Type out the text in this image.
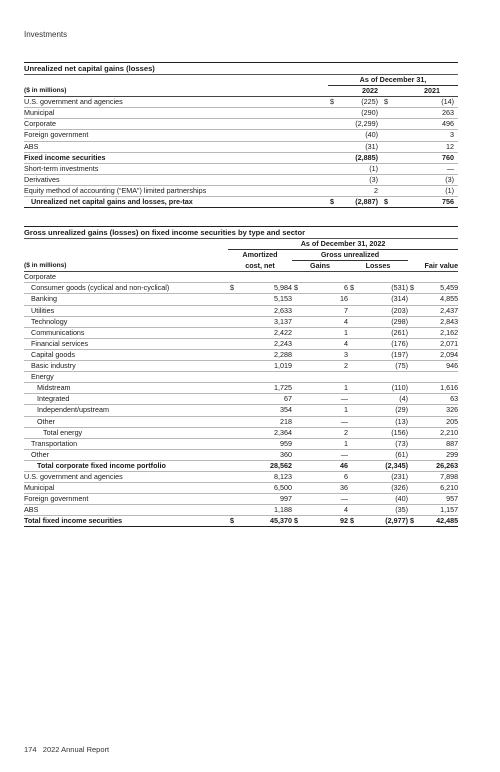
Investments
Unrealized net capital gains (losses)
	As of December 31,			
($ in millions)		2022		2021
U.S. government and agencies	$	(225)	$	(14)
Municipal		(290)		263
Corporate		(2,299)		496
Foreign government		(40)		3
ABS		(31)		12
Fixed income securities		(2,885)		760
Short-term investments		(1)		—
Derivatives		(3)		(3)
Equity method of accounting (“EMA”) limited partnerships		2		(1)
Unrealized net capital gains and losses, pre-tax	$	(2,887)	$	756
Gross unrealized gains (losses) on fixed income securities by type and sector
	As of December 31, 2022							
	Amortized		Gross unrealized					
($ in millions)	cost, net		Gains		Losses		Fair value	
Corporate								
Consumer goods (cyclical and non-cyclical)	$	5,984	$	6	$	(531)	$	5,459
Banking		5,153		16		(314)		4,855
Utilities		2,633		7		(203)		2,437
Technology		3,137		4		(298)		2,843
Communications		2,422		1		(261)		2,162
Financial services		2,243		4		(176)		2,071
Capital goods		2,288		3		(197)		2,094
Basic industry		1,019		2		(75)		946
Energy								
Midstream		1,725		1		(110)		1,616
Integrated		67		—		(4)		63
Independent/upstream		354		1		(29)		326
Other		218		—		(13)		205
Total energy		2,364		2		(156)		2,210
Transportation		959		1		(73)		887
Other		360		—		(61)		299
Total corporate fixed income portfolio		28,562		46		(2,345)		26,263
U.S. government and agencies		8,123		6		(231)		7,898
Municipal		6,500		36		(326)		6,210
Foreign government		997		—		(40)		957
ABS		1,188		4		(35)		1,157
Total fixed income securities	$	45,370	$	92	$	(2,977)	$	42,485
174 2022 Annual Report
